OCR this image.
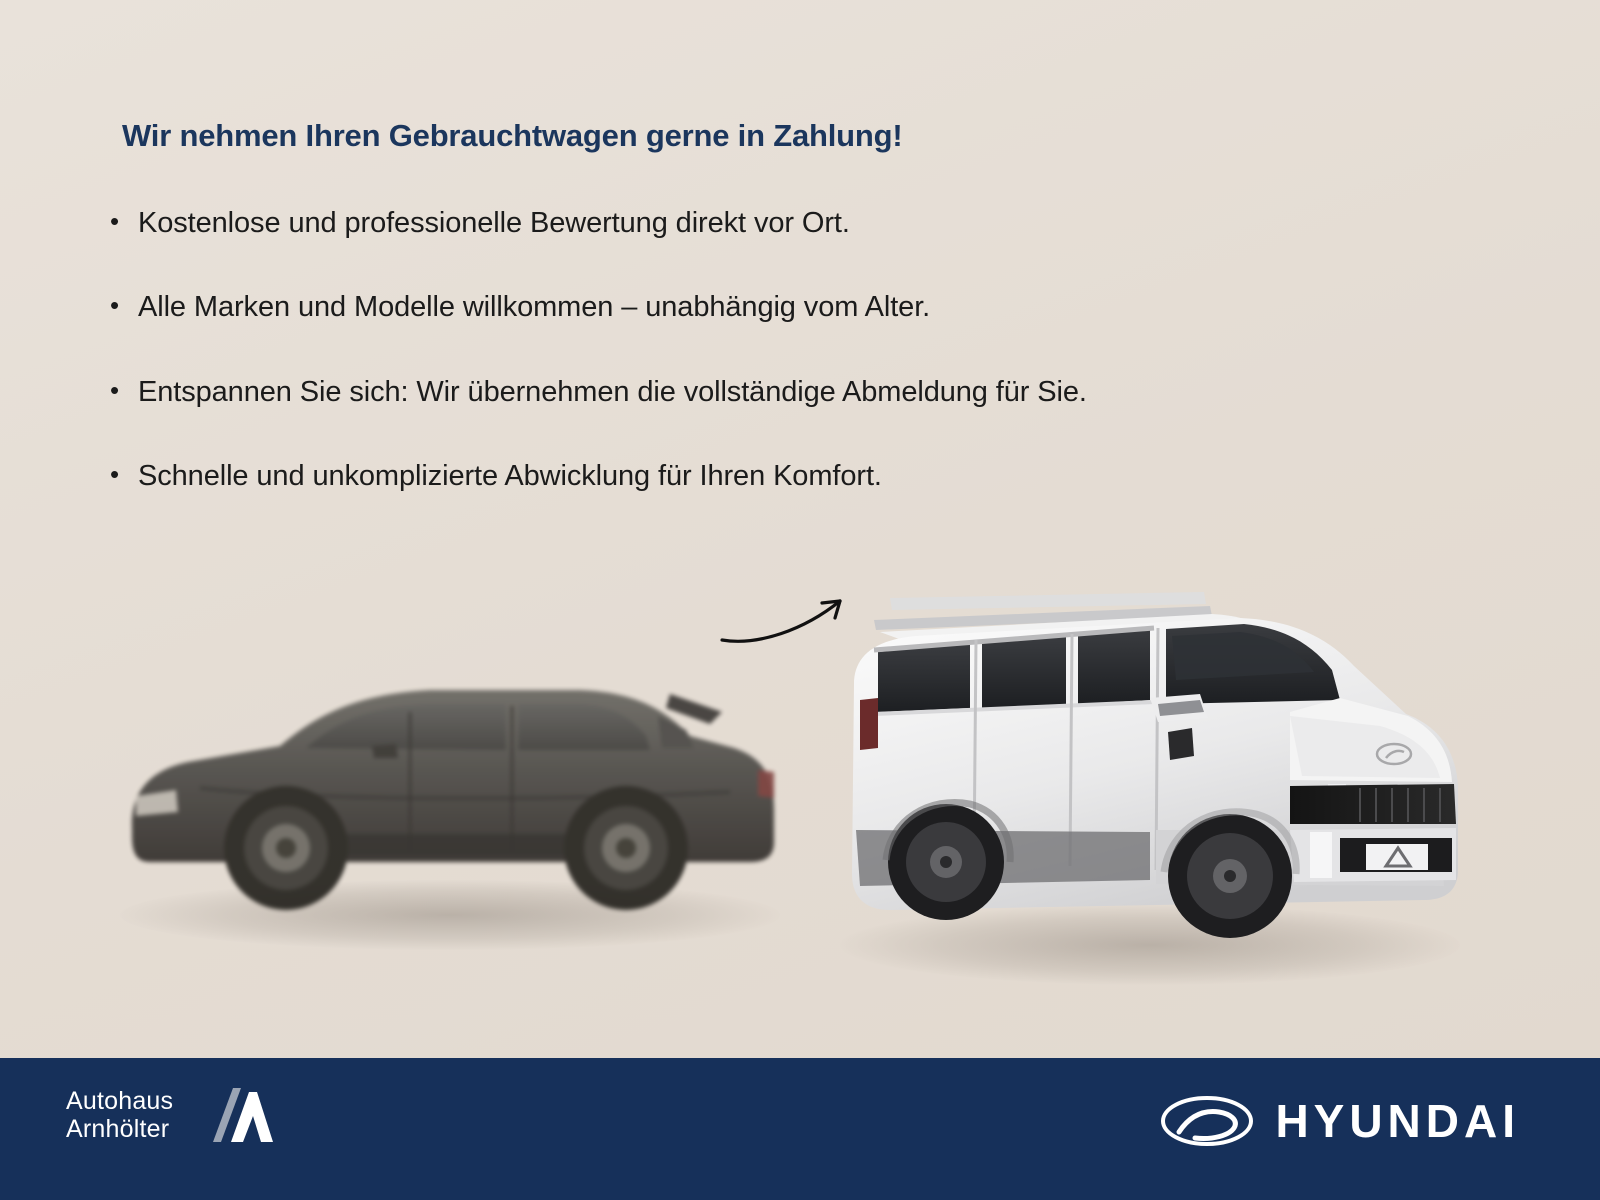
Wir nehmen Ihren Gebrauchtwagen gerne in Zahlung!
• Kostenlose und professionelle Bewertung direkt vor Ort.
• Alle Marken und Modelle willkommen – unabhängig vom Alter.
• Entspannen Sie sich: Wir übernehmen die vollständige Abmeldung für Sie.
• Schnelle und unkomplizierte Abwicklung für Ihren Komfort.
Autohaus
Arnhölter	HYUNDAI
